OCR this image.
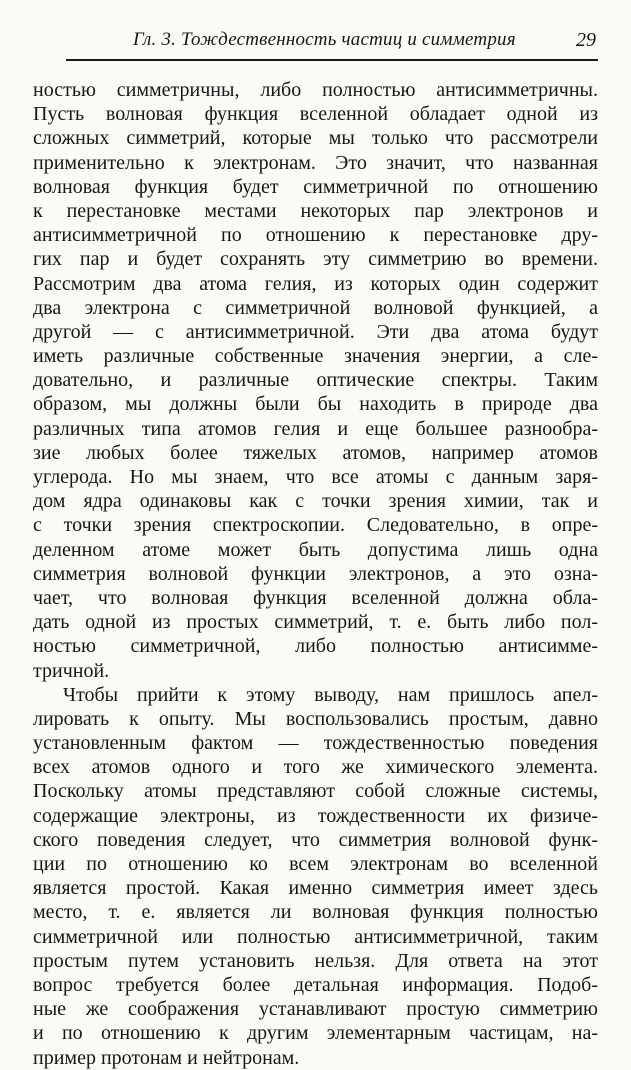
Гл. 3. Тождественность частиц и симметрия	29
ностью симметричны, либо полностью антисимметричны.
Пусть волновая функция вселенной обладает одной из
сложных симметрий, которые мы только что рассмотрели
применительно к электронам. Это значит, что названная
волновая функция будет симметричной по отношению
к перестановке местами некоторых пар электронов и
антисимметричной по отношению к перестановке дру-
гих пар и будет сохранять эту симметрию во времени.
Рассмотрим два атома гелия, из которых один содержит
два электрона с симметричной волновой функцией, а
другой — с антисимметричной. Эти два атома будут
иметь различные собственные значения энергии, а сле-
довательно, и различные оптические спектры. Таким
образом, мы должны были бы находить в природе два
различных типа атомов гелия и еще большее разнообра-
зие любых более тяжелых атомов, например атомов
углерода. Но мы знаем, что все атомы с данным заря-
дом ядра одинаковы как с точки зрения химии, так и
с точки зрения спектроскопии. Следовательно, в опре-
деленном атоме может быть допустима лишь одна
симметрия волновой функции электронов, а это озна-
чает, что волновая функция вселенной должна обла-
дать одной из простых симметрий, т. е. быть либо пол-
ностью симметричной, либо полностью антисимме-
тричной.
Чтобы прийти к этому выводу, нам пришлось апел-
лировать к опыту. Мы воспользовались простым, давно
установленным фактом — тождественностью поведения
всех атомов одного и того же химического элемента.
Поскольку атомы представляют собой сложные системы,
содержащие электроны, из тождественности их физиче-
ского поведения следует, что симметрия волновой функ-
ции по отношению ко всем электронам во вселенной
является простой. Какая именно симметрия имеет здесь
место, т. е. является ли волновая функция полностью
симметричной или полностью антисимметричной, таким
простым путем установить нельзя. Для ответа на этот
вопрос требуется более детальная информация. Подоб-
ные же соображения устанавливают простую симметрию
и по отношению к другим элементарным частицам, на-
пример протонам и нейтронам.
